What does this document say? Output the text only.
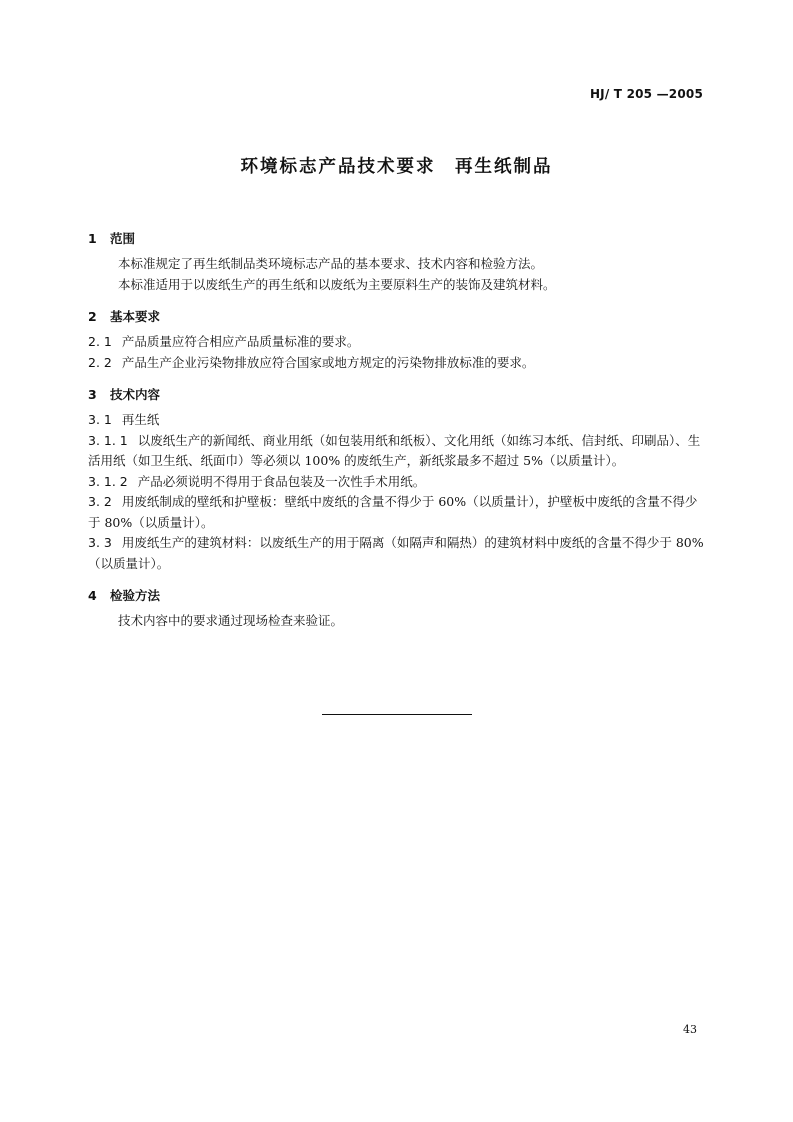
HJ/ T 205 —2005
环境标志产品技术要求　再生纸制品
1 范围
本标准规定了再生纸制品类环境标志产品的基本要求、技术内容和检验方法。
本标准适用于以废纸生产的再生纸和以废纸为主要原料生产的装饰及建筑材料。
2 基本要求
2. 1 产品质量应符合相应产品质量标准的要求。
2. 2 产品生产企业污染物排放应符合国家或地方规定的污染物排放标准的要求。
3 技术内容
3. 1 再生纸
3. 1. 1 以废纸生产的新闻纸、商业用纸（如包装用纸和纸板）、文化用纸（如练习本纸、信封纸、印刷品）、生活用纸（如卫生纸、纸面巾）等必须以 100% 的废纸生产，新纸浆最多不超过 5%（以质量计）。
3. 1. 2 产品必须说明不得用于食品包装及一次性手术用纸。
3. 2 用废纸制成的壁纸和护壁板：壁纸中废纸的含量不得少于 60%（以质量计），护壁板中废纸的含量不得少于 80%（以质量计）。
3. 3 用废纸生产的建筑材料：以废纸生产的用于隔离（如隔声和隔热）的建筑材料中废纸的含量不得少于 80%（以质量计）。
4 检验方法
技术内容中的要求通过现场检查来验证。
43
